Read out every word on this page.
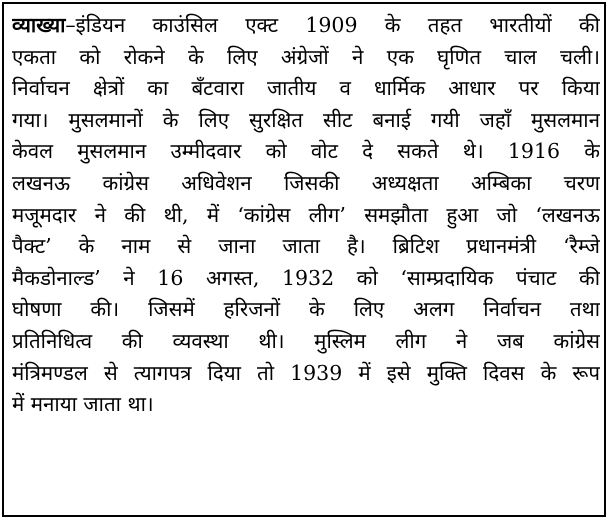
व्याख्या–इंडियन काउंसिल एक्ट 1909 के तहत भारतीयों की
एकता को रोकने के लिए अंग्रेजों ने एक घृणित चाल चली।
निर्वाचन क्षेत्रों का बँटवारा जातीय व धार्मिक आधार पर किया
गया। मुसलमानों के लिए सुरक्षित सीट बनाई गयी जहाँ मुसलमान
केवल मुसलमान उम्मीदवार को वोट दे सकते थे। 1916 के
लखनऊ कांग्रेस अधिवेशन जिसकी अध्यक्षता अम्बिका चरण
मजूमदार ने की थी, में ‘कांग्रेस लीग’ समझौता हुआ जो ‘लखनऊ
पैक्ट’ के नाम से जाना जाता है। ब्रिटिश प्रधानमंत्री ‘रैम्जे
मैकडोनाल्ड’ ने 16 अगस्त, 1932 को ‘साम्प्रदायिक पंचाट की
घोषणा की। जिसमें हरिजनों के लिए अलग निर्वाचन तथा
प्रतिनिधित्व की व्यवस्था थी। मुस्लिम लीग ने जब कांग्रेस
मंत्रिमण्डल से त्यागपत्र दिया तो 1939 में इसे मुक्ति दिवस के रूप
में मनाया जाता था।
